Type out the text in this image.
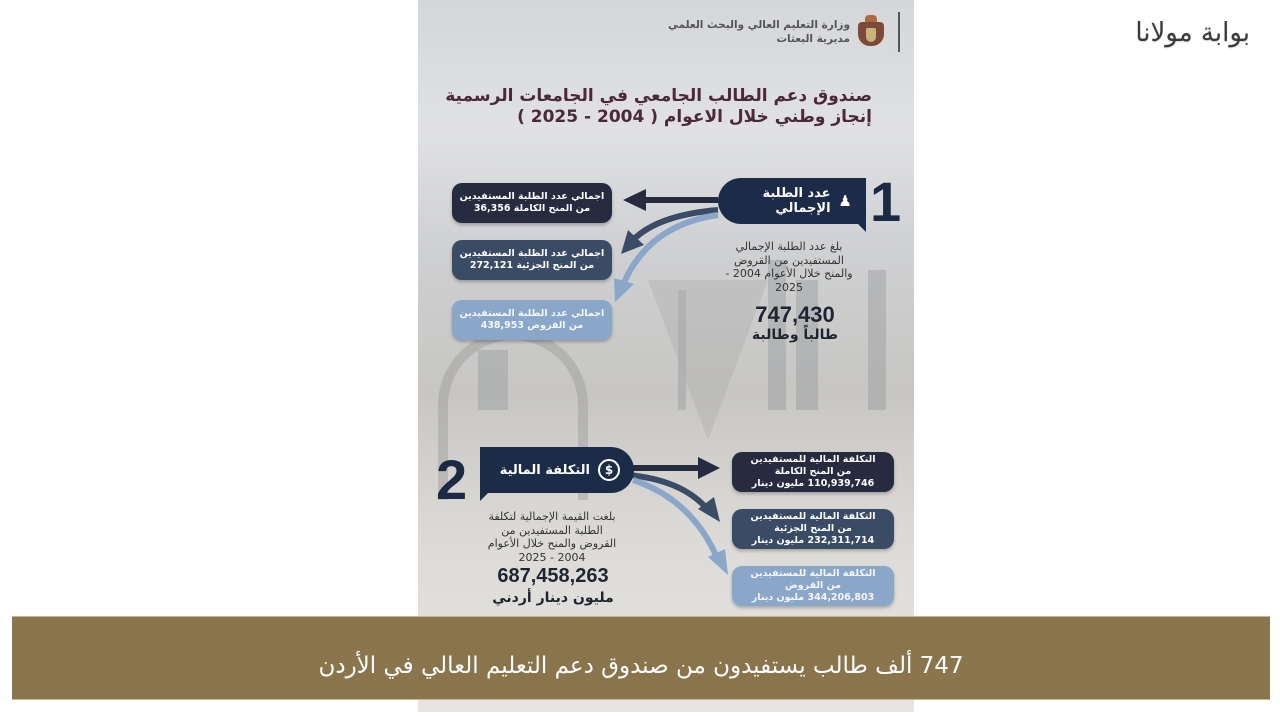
بوابة مولانا
وزارة التعليم العالي والبحث العلمي
مديرية البعثات
صندوق دعم الطالب الجامعي في الجامعات الرسمية
إنجاز وطني خلال الاعوام ( 2004 - 2025 )
1
♟
عدد الطلبة الإجمالي
بلغ عدد الطلبة الإجمالي المستفيدين من القروض والمنح خلال الأعوام 2004 - 2025
747,430
طالباً وطالبة
اجمالي عدد الطلبة المستفيدين
من المنح الكاملة 36,356
اجمالي عدد الطلبة المستفيدين
من المنح الجزئية 272,121
اجمالي عدد الطلبة المستفيدين
من القروض 438,953
2	$
التكلفة المالية
بلغت القيمة الإجمالية لتكلفة الطلبة المستفيدين من القروض والمنح خلال الأعوام 2004 - 2025
687,458,263
مليون دينار أردني
التكلفة المالية للمستفيدين
من المنح الكاملة
110,939,746 مليون دينار
التكلفة المالية للمستفيدين
من المنح الجزئية
232,311,714 مليون دينار
التكلفة المالية للمستفيدين
من القروض
344,206,803 مليون دينار
747 ألف طالب يستفيدون من صندوق دعم التعليم العالي في الأردن
